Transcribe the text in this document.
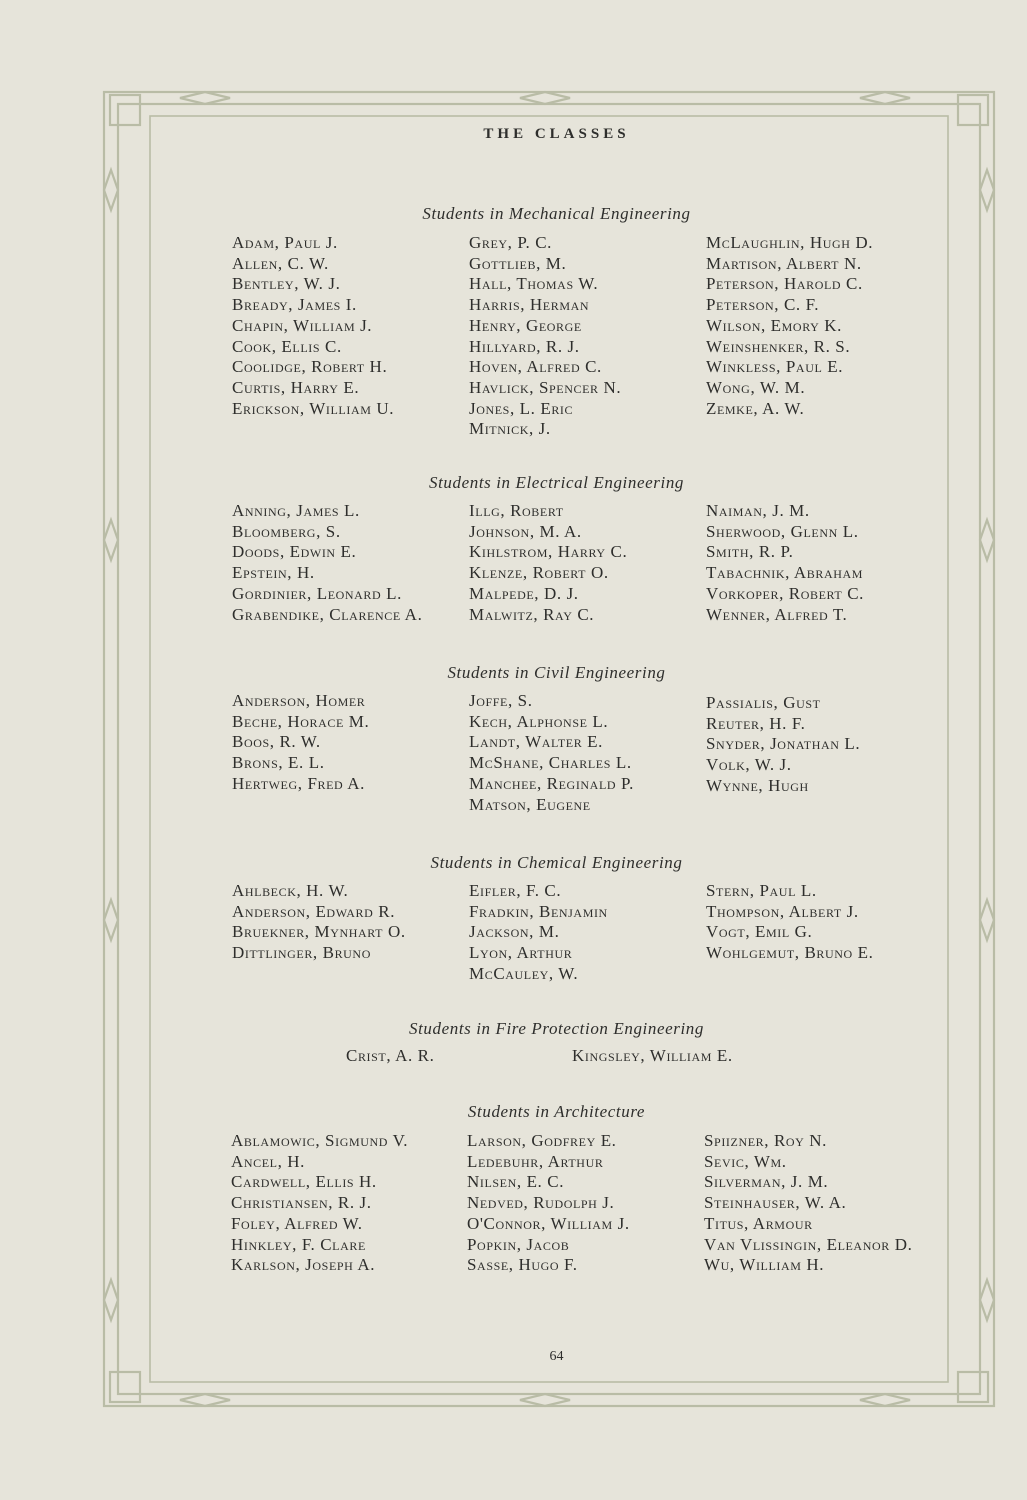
THE CLASSES
Students in Mechanical Engineering
Adam, Paul J.
Allen, C. W.
Bentley, W. J.
Bready, James I.
Chapin, William J.
Cook, Ellis C.
Coolidge, Robert H.
Curtis, Harry E.
Erickson, William U.
Grey, P. C.
Gottlieb, M.
Hall, Thomas W.
Harris, Herman
Henry, George
Hillyard, R. J.
Hoven, Alfred C.
Havlick, Spencer N.
Jones, L. Eric
Mitnick, J.
McLaughlin, Hugh D.
Martison, Albert N.
Peterson, Harold C.
Peterson, C. F.
Wilson, Emory K.
Weinshenker, R. S.
Winkless, Paul E.
Wong, W. M.
Zemke, A. W.
Students in Electrical Engineering
Anning, James L.
Bloomberg, S.
Doods, Edwin E.
Epstein, H.
Gordinier, Leonard L.
Grabendike, Clarence A.
Illg, Robert
Johnson, M. A.
Kihlstrom, Harry C.
Klenze, Robert O.
Malpede, D. J.
Malwitz, Ray C.
Naiman, J. M.
Sherwood, Glenn L.
Smith, R. P.
Tabachnik, Abraham
Vorkoper, Robert C.
Wenner, Alfred T.
Students in Civil Engineering
Anderson, Homer
Beche, Horace M.
Boos, R. W.
Brons, E. L.
Hertweg, Fred A.
Joffe, S.
Kech, Alphonse L.
Landt, Walter E.
McShane, Charles L.
Manchee, Reginald P.
Matson, Eugene
Passialis, Gust
Reuter, H. F.
Snyder, Jonathan L.
Volk, W. J.
Wynne, Hugh
Students in Chemical Engineering
Ahlbeck, H. W.
Anderson, Edward R.
Bruekner, Mynhart O.
Dittlinger, Bruno
Eifler, F. C.
Fradkin, Benjamin
Jackson, M.
Lyon, Arthur
McCauley, W.
Stern, Paul L.
Thompson, Albert J.
Vogt, Emil G.
Wohlgemut, Bruno E.
Students in Fire Protection Engineering
Crist, A. R.	Kingsley, William E.
Students in Architecture
Ablamowic, Sigmund V.
Ancel, H.
Cardwell, Ellis H.
Christiansen, R. J.
Foley, Alfred W.
Hinkley, F. Clare
Karlson, Joseph A.
Larson, Godfrey E.
Ledebuhr, Arthur
Nilsen, E. C.
Nedved, Rudolph J.
O'Connor, William J.
Popkin, Jacob
Sasse, Hugo F.
Spiizner, Roy N.
Sevic, Wm.
Silverman, J. M.
Steinhauser, W. A.
Titus, Armour
Van Vlissingin, Eleanor D.
Wu, William H.
64
